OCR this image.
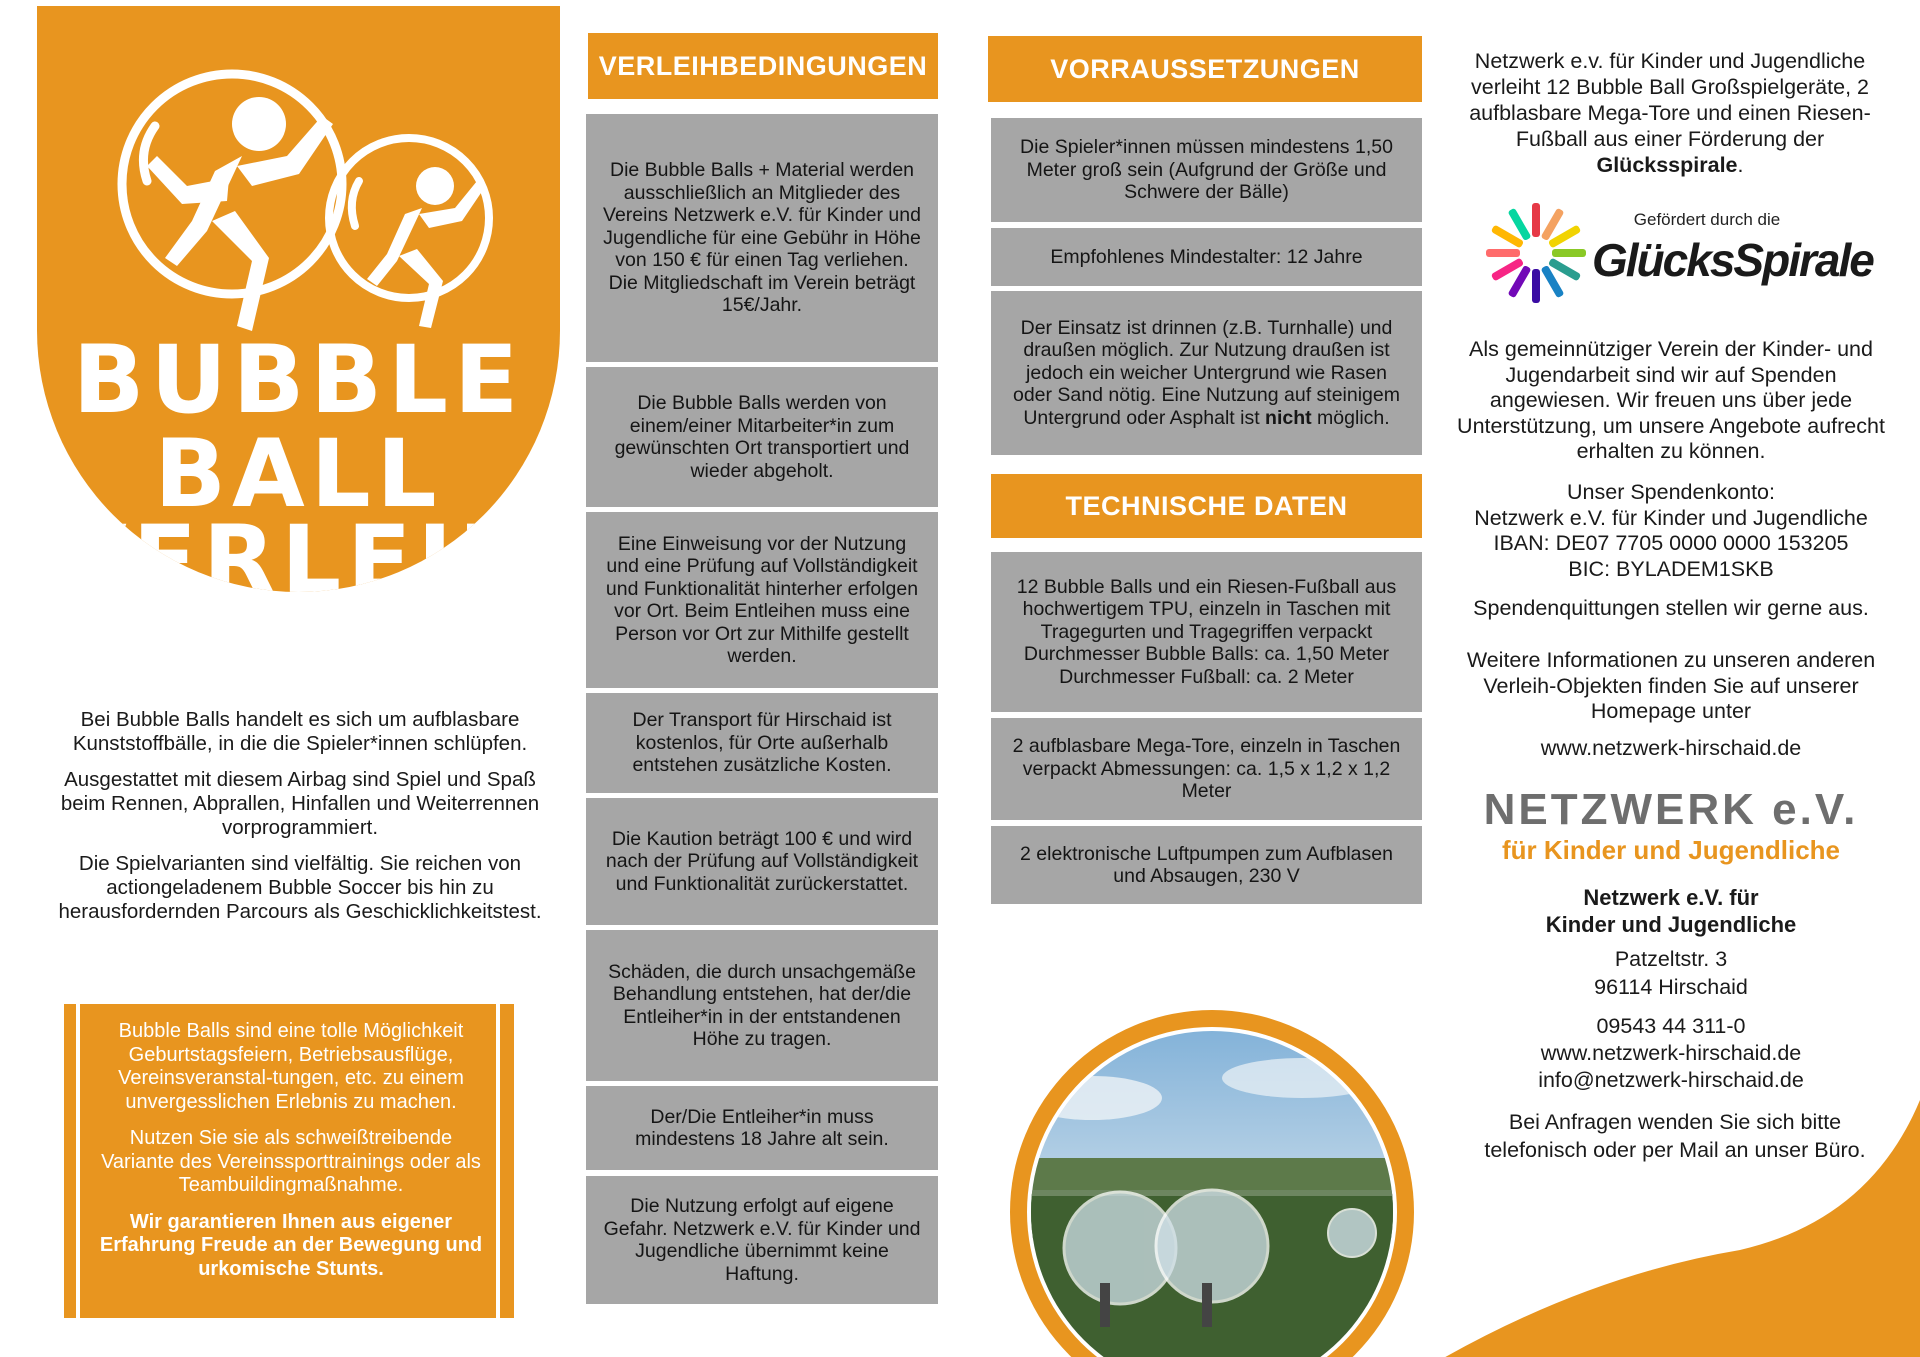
BUBBLE
BALL
VERLEIH

Bei Bubble Balls handelt es sich um aufblasbare Kunststoffbälle, in die die Spieler*innen schlüpfen.

Ausgestattet mit diesem Airbag sind Spiel und Spaß beim Rennen, Abprallen, Hinfallen und Weiterrennen vorprogrammiert.

Die Spielvarianten sind vielfältig. Sie reichen von actiongeladenem Bubble Soccer bis hin zu herausfordernden Parcours als Geschicklichkeitstest.

Bubble Balls sind eine tolle Möglichkeit Geburtstagsfeiern, Betriebsausflüge, Vereinsveranstal-tungen, etc. zu einem unvergesslichen Erlebnis zu machen.

Nutzen Sie sie als schweißtreibende Variante des Vereinssporttrainings oder als Teambuildingmaßnahme.

Wir garantieren Ihnen aus eigener Erfahrung Freude an der Bewegung und urkomische Stunts.

VERLEIHBEDINGUNGEN
Die Bubble Balls + Material werden ausschließlich an Mitglieder des Vereins Netzwerk e.V. für Kinder und Jugendliche für eine Gebühr in Höhe von 150 € für einen Tag verliehen. Die Mitgliedschaft im Verein beträgt 15€/Jahr.
Die Bubble Balls werden von einem/einer Mitarbeiter*in zum gewünschten Ort transportiert und wieder abgeholt.
Eine Einweisung vor der Nutzung und eine Prüfung auf Vollständigkeit und Funktionalität hinterher erfolgen vor Ort. Beim Entleihen muss eine Person vor Ort zur Mithilfe gestellt werden.
Der Transport für Hirschaid ist kostenlos, für Orte außerhalb entstehen zusätzliche Kosten.
Die Kaution beträgt 100 € und wird nach der Prüfung auf Vollständigkeit und Funktionalität zurückerstattet.
Schäden, die durch unsachgemäße Behandlung entstehen, hat der/die Entleiher*in in der entstandenen Höhe zu tragen.
Der/Die Entleiher*in muss mindestens 18 Jahre alt sein.
Die Nutzung erfolgt auf eigene Gefahr. Netzwerk e.V. für Kinder und Jugendliche übernimmt keine Haftung.
VORRAUSSETZUNGEN
Die Spieler*innen müssen mindestens 1,50 Meter groß sein (Aufgrund der Größe und Schwere der Bälle)
Empfohlenes Mindestalter: 12 Jahre
Der Einsatz ist drinnen (z.B. Turnhalle) und draußen möglich. Zur Nutzung draußen ist jedoch ein weicher Untergrund wie Rasen oder Sand nötig. Eine Nutzung auf steinigem Untergrund oder Asphalt ist nicht möglich.
TECHNISCHE DATEN
12 Bubble Balls und ein Riesen-Fußball aus hochwertigem TPU, einzeln in Taschen mit Tragegurten und Tragegriffen verpackt Durchmesser Bubble Balls: ca. 1,50 Meter Durchmesser Fußball: ca. 2 Meter
2 aufblasbare Mega-Tore, einzeln in Taschen verpackt Abmessungen: ca. 1,5 x 1,2 x 1,2 Meter
2 elektronische Luftpumpen zum Aufblasen und Absaugen, 230 V
Netzwerk e.v. für Kinder und Jugendliche verleiht 12 Bubble Ball Großspielgeräte, 2 aufblasbare Mega-Tore und einen Riesen-Fußball aus einer Förderung der Glücksspirale.
Gefördert durch die
GlücksSpirale
Als gemeinnütziger Verein der Kinder- und Jugendarbeit sind wir auf Spenden angewiesen. Wir freuen uns über jede Unterstützung, um unsere Angebote aufrecht erhalten zu können.
Unser Spendenkonto:
Netzwerk e.V. für Kinder und Jugendliche
IBAN: DE07 7705 0000 0000 153205
BIC: BYLADEM1SKB
Spendenquittungen stellen wir gerne aus.
Weitere Informationen zu unseren anderen Verleih-Objekten finden Sie auf unserer Homepage unter
www.netzwerk-hirschaid.de
NETZWERK e.V.
für Kinder und Jugendliche
Netzwerk e.V. für
Kinder und Jugendliche
Patzeltstr. 3
96114 Hirschaid
09543 44 311-0
www.netzwerk-hirschaid.de
info@netzwerk-hirschaid.de
Bei Anfragen wenden Sie sich bitte telefonisch oder per Mail an unser Büro.
